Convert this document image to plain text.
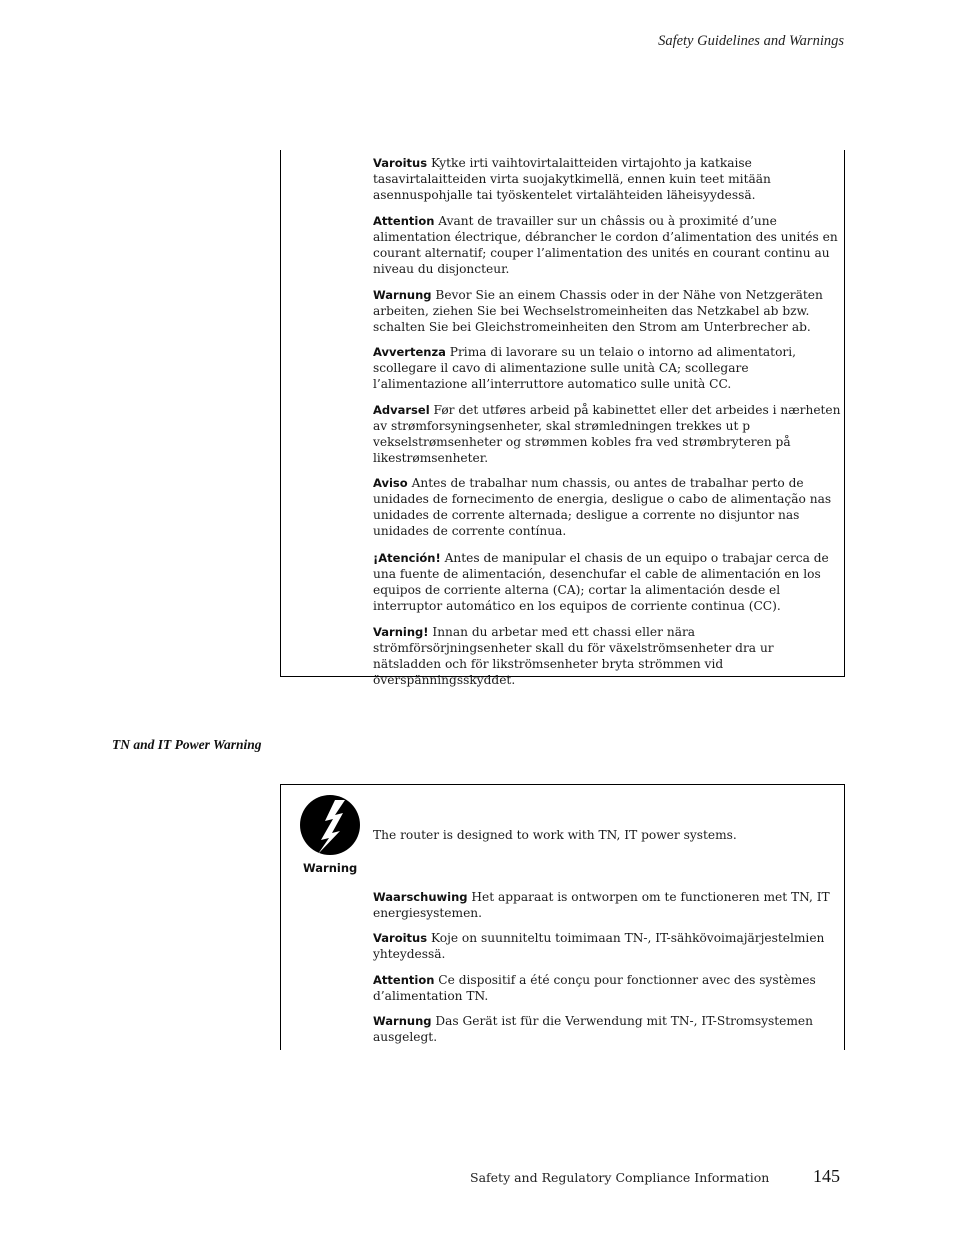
Safety Guidelines and Warnings
Varoitus Kytke irti vaihtovirtalaitteiden virtajohto ja katkaise tasavirtalaitteiden virta suojakytkimellä, ennen kuin teet mitään asennuspohjalle tai työskentelet virtalähteiden läheisyydessä.
Attention Avant de travailler sur un châssis ou à proximité d’une alimentation électrique, débrancher le cordon d’alimentation des unités en courant alternatif; couper l’alimentation des unités en courant continu au niveau du disjoncteur.
Warnung Bevor Sie an einem Chassis oder in der Nähe von Netzgeräten arbeiten, ziehen Sie bei Wechselstromeinheiten das Netzkabel ab bzw. schalten Sie bei Gleichstromeinheiten den Strom am Unterbrecher ab.
Avvertenza Prima di lavorare su un telaio o intorno ad alimentatori, scollegare il cavo di alimentazione sulle unità CA; scollegare l’alimentazione all’interruttore automatico sulle unità CC.
Advarsel Før det utføres arbeid på kabinettet eller det arbeides i nærheten av strømforsyningsenheter, skal strømledningen trekkes ut p vekselstrømsenheter og strømmen kobles fra ved strømbryteren på likestrømsenheter.
Aviso Antes de trabalhar num chassis, ou antes de trabalhar perto de unidades de fornecimento de energia, desligue o cabo de alimentação nas unidades de corrente alternada; desligue a corrente no disjuntor nas unidades de corrente contínua.
¡Atención! Antes de manipular el chasis de un equipo o trabajar cerca de una fuente de alimentación, desenchufar el cable de alimentación en los equipos de corriente alterna (CA); cortar la alimentación desde el interruptor automático en los equipos de corriente continua (CC).
Varning! Innan du arbetar med ett chassi eller nära strömförsörjningsenheter skall du för växelströmsenheter dra ur nätsladden och för likströmsenheter bryta strömmen vid överspänningsskyddet.
TN and IT Power Warning
Warning
The router is designed to work with TN, IT power systems.
Waarschuwing Het apparaat is ontworpen om te functioneren met TN, IT energiesystemen.
Varoitus Koje on suunniteltu toimimaan TN-, IT-sähkövoimajärjestelmien yhteydessä.
Attention Ce dispositif a été conçu pour fonctionner avec des systèmes d’alimentation TN.
Warnung Das Gerät ist für die Verwendung mit TN-, IT-Stromsystemen ausgelegt.
Safety and Regulatory Compliance Information 145
